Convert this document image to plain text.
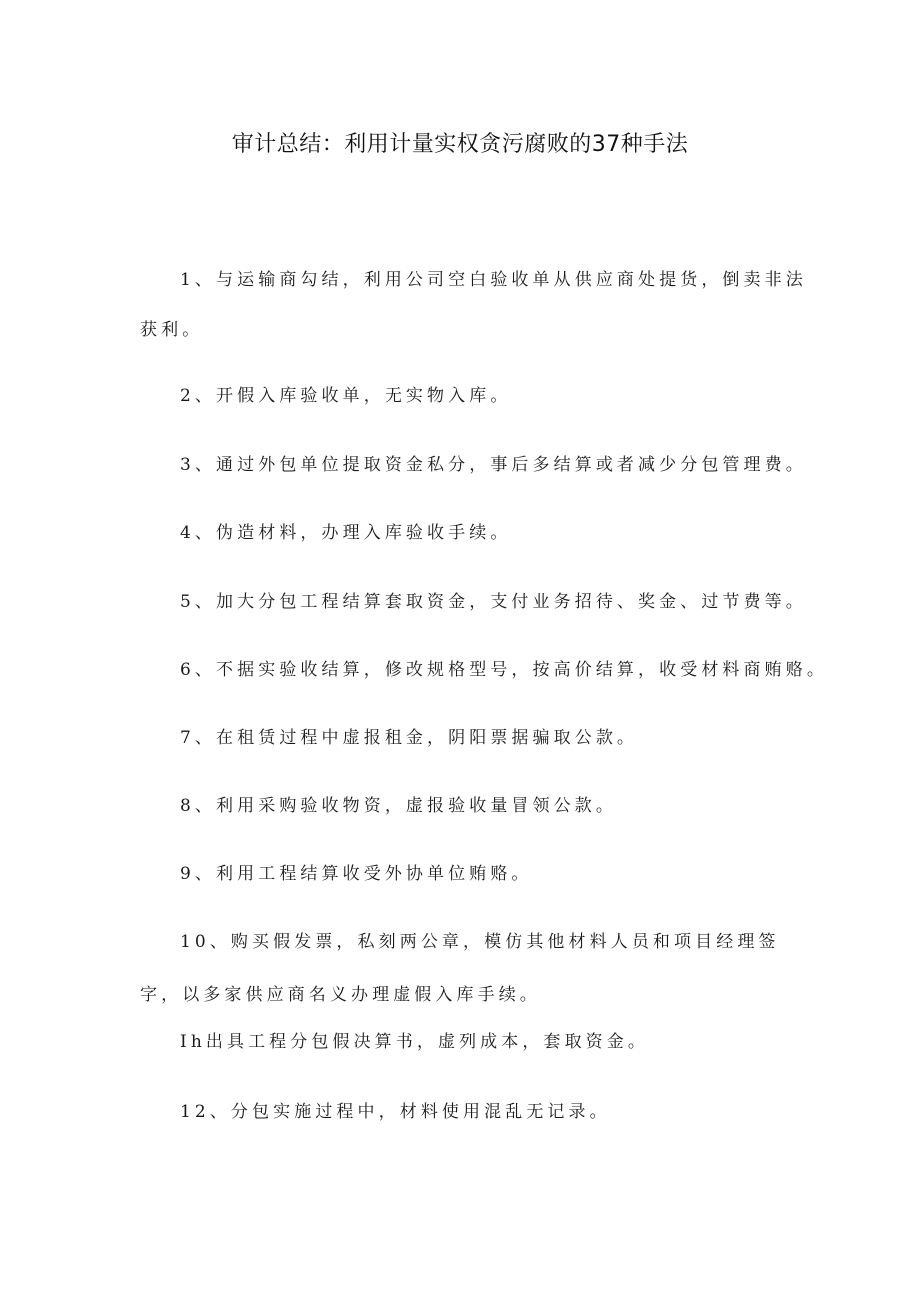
审计总结：利用计量实权贪污腐败的37种手法
1、与运输商勾结，利用公司空白验收单从供应商处提货，倒卖非法
获利。
2、开假入库验收单，无实物入库。
3、通过外包单位提取资金私分，事后多结算或者减少分包管理费。
4、伪造材料，办理入库验收手续。
5、加大分包工程结算套取资金，支付业务招待、奖金、过节费等。
6、不据实验收结算，修改规格型号，按高价结算，收受材料商贿赂。
7、在租赁过程中虚报租金，阴阳票据骗取公款。
8、利用采购验收物资，虚报验收量冒领公款。
9、利用工程结算收受外协单位贿赂。
10、购买假发票，私刻两公章，模仿其他材料人员和项目经理签
字，以多家供应商名义办理虚假入库手续。
Ih出具工程分包假决算书，虚列成本，套取资金。
12、分包实施过程中，材料使用混乱无记录。
